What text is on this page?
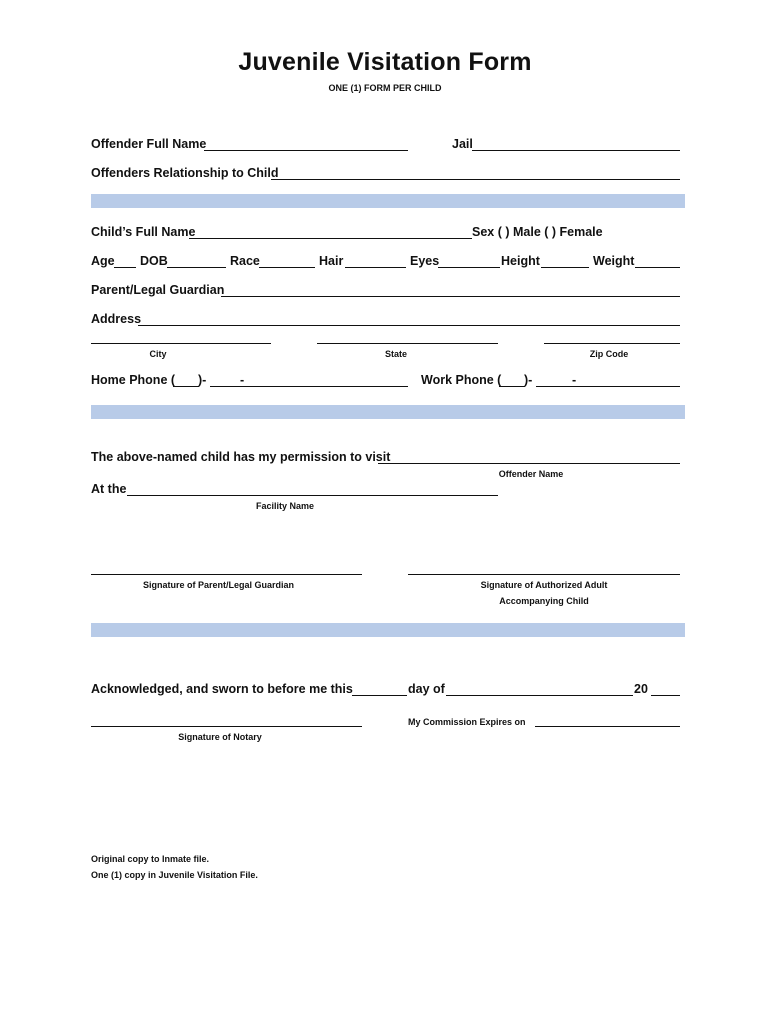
Juvenile Visitation Form
ONE (1) FORM PER CHILD
Offender Full Name	Jail
Offenders Relationship to Child
Child’s Full Name	Sex ( ) Male ( ) Female
Age DOB	Race	Hair	Eyes	Height	Weight
Parent/Legal Guardian
Address
City	State	Zip Code
Home Phone ( )-	-	Work Phone ( )-	-
The above-named child has my permission to visit
Offender Name
At the
Facility Name
Signature of Parent/Legal Guardian	Signature of Authorized Adult
Accompanying Child
Acknowledged, and sworn to before me this	day of	20
Signature of Notary
My Commission Expires on
Original copy to Inmate file.
One (1) copy in Juvenile Visitation File.
